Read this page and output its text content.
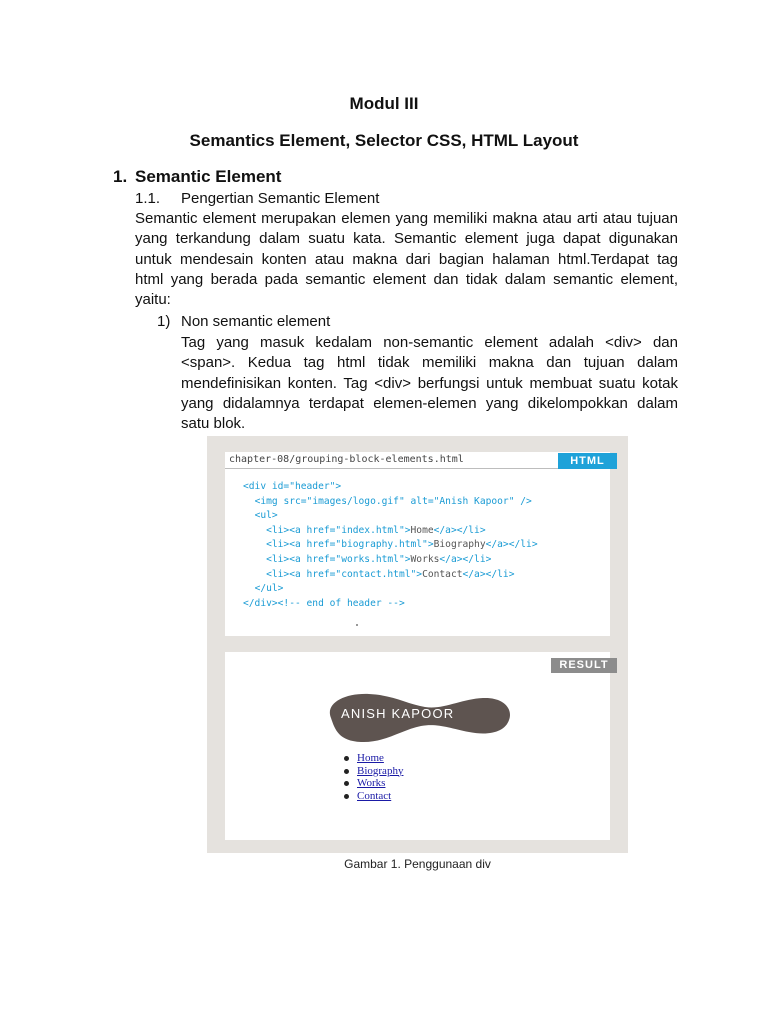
Modul III
Semantics Element, Selector CSS, HTML Layout
1. Semantic Element
1.1. Pengertian Semantic Element

Semantic element merupakan elemen yang memiliki makna atau arti atau tujuan
yang terkandung dalam suatu kata. Semantic element juga dapat digunakan
untuk mendesain konten atau makna dari bagian halaman html.Terdapat tag
html yang berada pada semantic element dan tidak dalam semantic element,
yaitu:

1) Non semantic element

Tag yang masuk kedalam non-semantic element adalah <div> dan
<span>. Kedua tag html tidak memiliki makna dan tujuan dalam
mendefinisikan konten. Tag <div> berfungsi untuk membuat suatu kotak
yang didalamnya terdapat elemen-elemen yang dikelompokkan dalam
satu blok.

chapter-08/grouping-block-elements.html	HTML
<div id="header">
<img src="images/logo.gif" alt="Anish Kapoor" />
<ul>
<li><a href="index.html">Home</a></li>
<li><a href="biography.html">Biography</a></li>
<li><a href="works.html">Works</a></li>
<li><a href="contact.html">Contact</a></li>
</ul>
</div><!-- end of header -->
RESULT
ANISH KAPOOR
Home
Biography
Works
Contact
Gambar 1. Penggunaan div
